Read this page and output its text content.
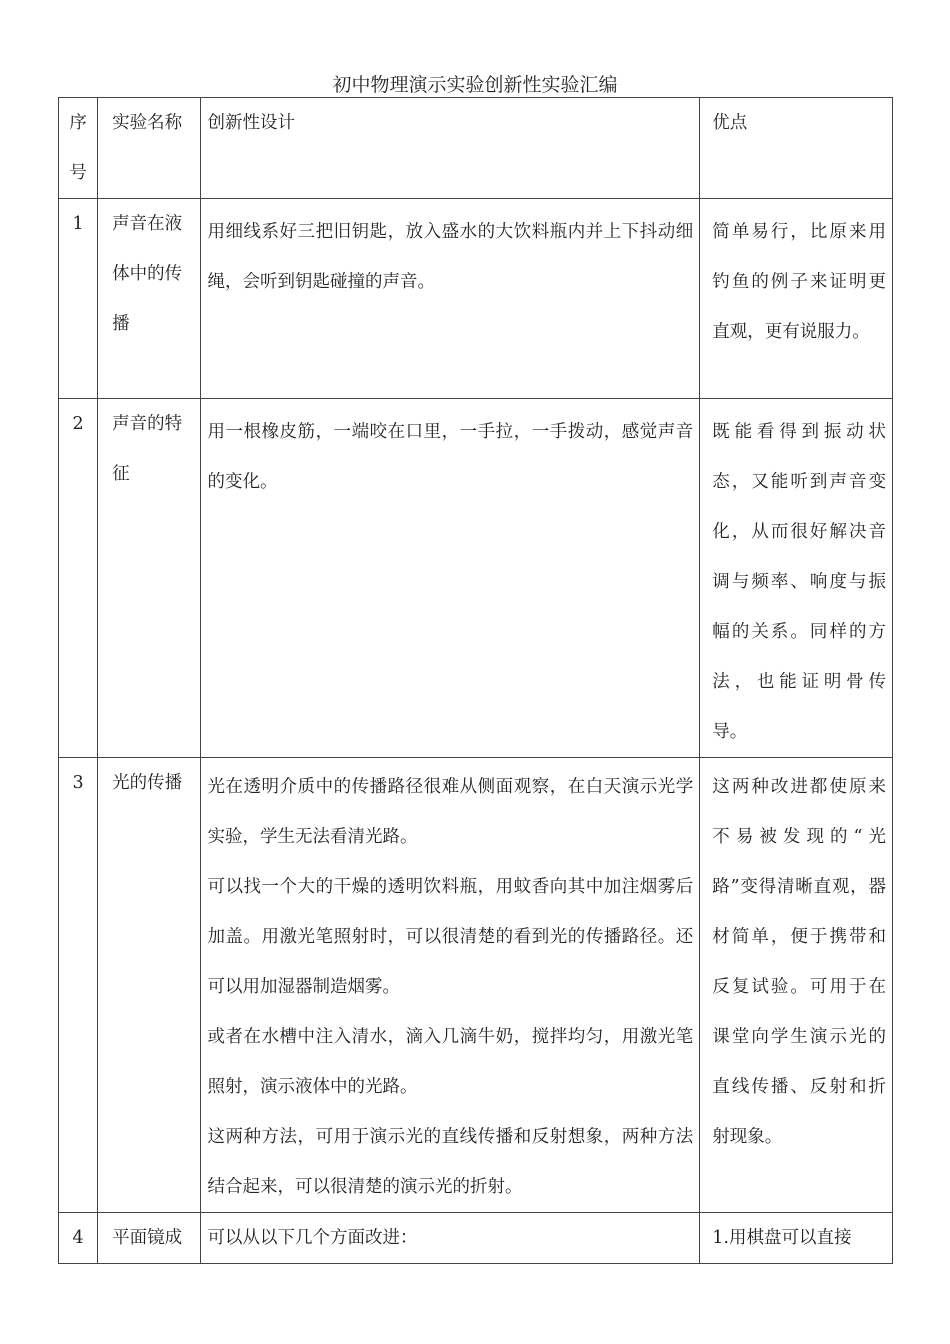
初中物理演示实验创新性实验汇编
序
号	实验名称	创新性设计	优点
1	声音在液体中的传播	用细线系好三把旧钥匙，放入盛水的大饮料瓶内并上下抖动细绳，会听到钥匙碰撞的声音。	简单易行，比原来用钓鱼的例子来证明更直观，更有说服力。
2	声音的特征	用一根橡皮筋，一端咬在口里，一手拉，一手拨动，感觉声音的变化。	既能看得到振动状态，又能听到声音变化，从而很好解决音调与频率、响度与振幅的关系。同样的方法，也能证明骨传导。
3	光的传播	光在透明介质中的传播路径很难从侧面观察，在白天演示光学实验，学生无法看清光路。
可以找一个大的干燥的透明饮料瓶，用蚊香向其中加注烟雾后加盖。用激光笔照射时，可以很清楚的看到光的传播路径。还可以用加湿器制造烟雾。
或者在水槽中注入清水，滴入几滴牛奶，搅拌均匀，用激光笔照射，演示液体中的光路。
这两种方法，可用于演示光的直线传播和反射想象，两种方法结合起来，可以很清楚的演示光的折射。	这两种改进都使原来不易被发现的“光路”变得清晰直观，器材简单，便于携带和反复试验。可用于在课堂向学生演示光的直线传播、反射和折射现象。
4	平面镜成	可以从以下几个方面改进：	1.用棋盘可以直接
